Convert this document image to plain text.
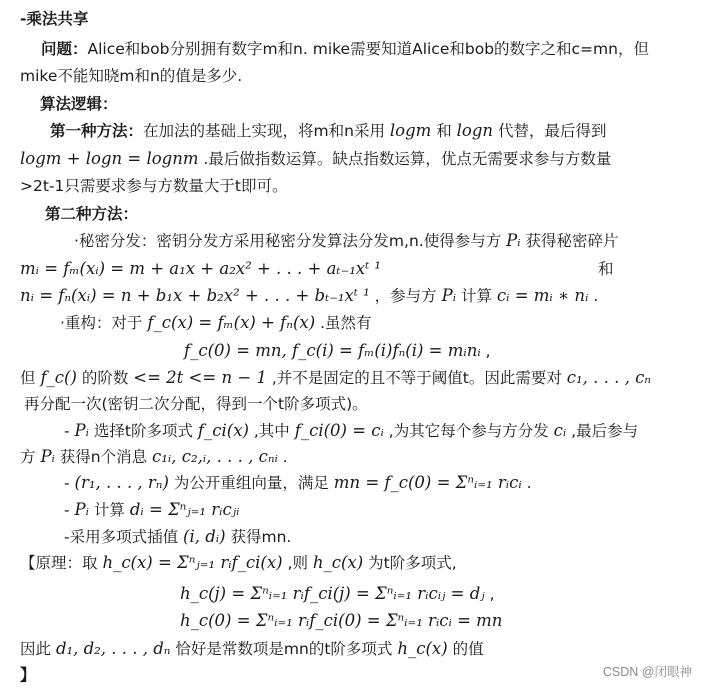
-乘法共享
问题：Alice和bob分别拥有数字m和n. mike需要知道Alice和bob的数字之和c=mn，但
mike不能知晓m和n的值是多少.
算法逻辑：
第一种方法：在加法的基础上实现，将m和n采用 logm 和 logn 代替，最后得到
logm + logn = lognm .最后做指数运算。缺点指数运算，优点无需要求参与方数量
>2t-1只需要求参与方数量大于t即可。
第二种方法：
·秘密分发：密钥分发方采用秘密分发算法分发m,n.使得参与方 Pᵢ 获得秘密碎片
mᵢ = fₘ(xᵢ) = m + a₁x + a₂x² + . . . + aₜ₋₁xᵗ ¹	和
nᵢ = fₙ(xᵢ) = n + b₁x + b₂x² + . . . + bₜ₋₁xᵗ ¹ ，参与方 Pᵢ 计算 cᵢ = mᵢ ∗ nᵢ .
·重构：对于 f_c(x) = fₘ(x) + fₙ(x) .虽然有
f_c(0) = mn, f_c(i) = fₘ(i)fₙ(i) = mᵢnᵢ ,
但 f_c() 的阶数 <= 2t <= n − 1 ,并不是固定的且不等于阈值t。因此需要对 c₁, . . . , cₙ
再分配一次(密钥二次分配，得到一个t阶多项式)。
- Pᵢ 选择t阶多项式 f_ci(x) ,其中 f_ci(0) = cᵢ ,为其它每个参与方分发 cᵢ ,最后参与
方 Pᵢ 获得n个消息 c₁ᵢ, c₂,ᵢ, . . . , cₙᵢ .
- (r₁, . . . , rₙ) 为公开重组向量，满足 mn = f_c(0) = Σⁿᵢ₌₁ rᵢcᵢ .
- Pᵢ 计算 dᵢ = Σⁿⱼ₌₁ rᵢcⱼᵢ
-采用多项式插值 (i, dᵢ) 获得mn.
【原理：取 h_c(x) = Σⁿⱼ₌₁ rᵢf_ci(x) ,则 h_c(x) 为t阶多项式,
h_c(j) = Σⁿᵢ₌₁ rᵢf_ci(j) = Σⁿᵢ₌₁ rᵢcᵢⱼ = dⱼ ,
h_c(0) = Σⁿᵢ₌₁ rᵢf_ci(0) = Σⁿᵢ₌₁ rᵢcᵢ = mn
因此 d₁, d₂, . . . , dₙ 恰好是常数项是mn的t阶多项式 h_c(x) 的值
】	CSDN @闭眼神
